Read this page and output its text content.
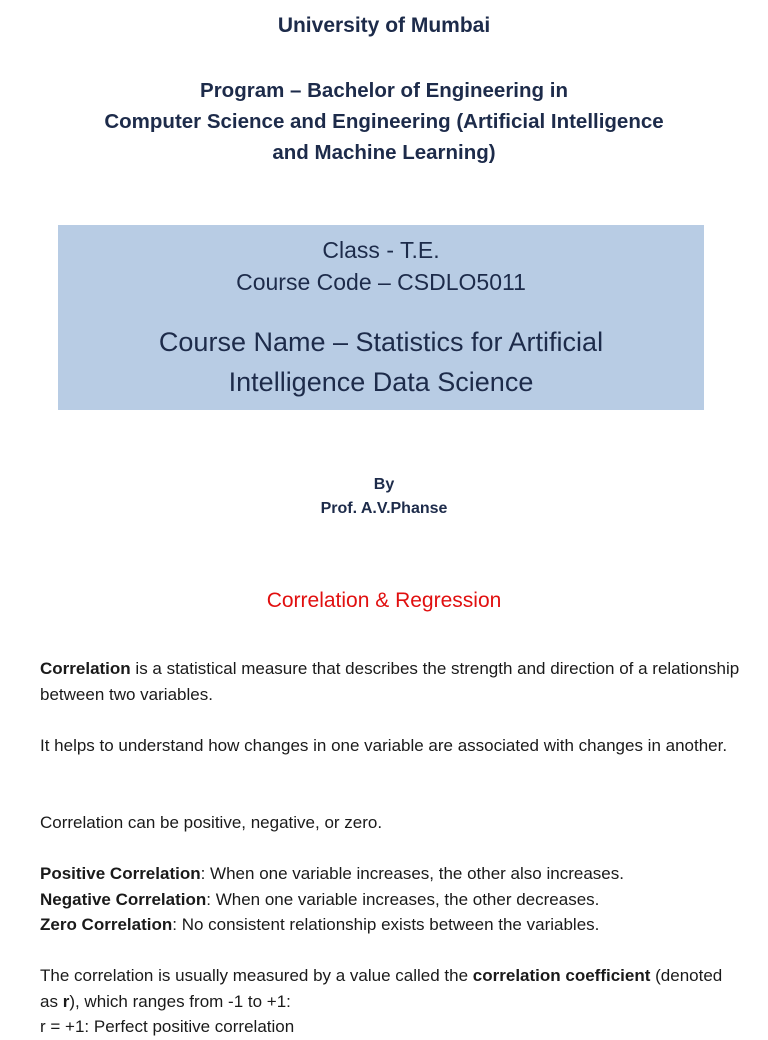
University of Mumbai
Program – Bachelor of Engineering in
Computer Science and Engineering (Artificial Intelligence
and Machine Learning)
Class - T.E.
Course Code – CSDLO5011
Course Name – Statistics for Artificial
Intelligence Data Science
By
Prof. A.V.Phanse
Correlation & Regression
Correlation is a statistical measure that describes the strength and direction of a relationship between two variables.
It helps to understand how changes in one variable are associated with changes in another.
Correlation can be positive, negative, or zero.
Positive Correlation: When one variable increases, the other also increases.
Negative Correlation: When one variable increases, the other decreases.
Zero Correlation: No consistent relationship exists between the variables.
The correlation is usually measured by a value called the correlation coefficient (denoted as r), which ranges from -1 to +1:
r = +1: Perfect positive correlation
